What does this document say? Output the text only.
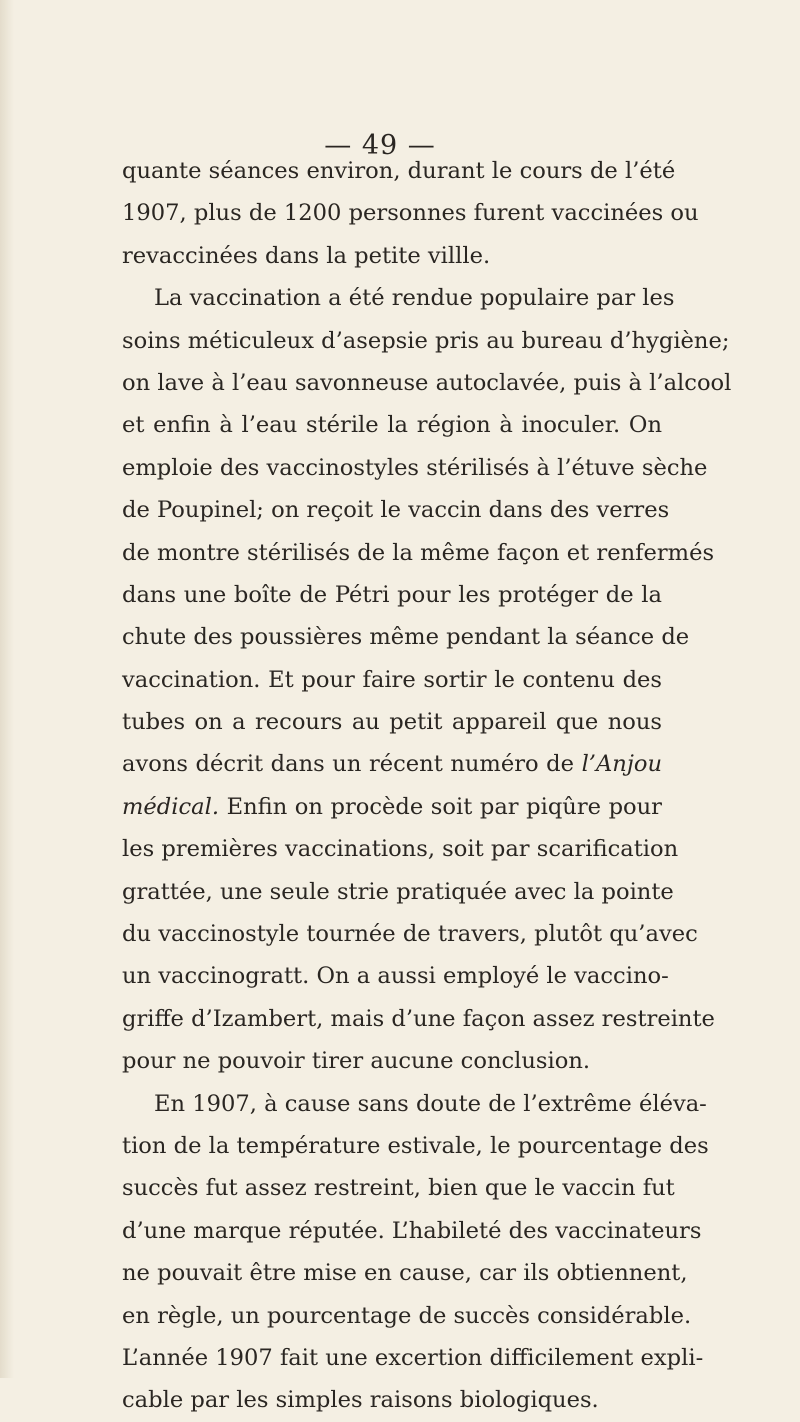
— 49 —
quante séances environ, durant le cours de l’été
1907, plus de 1200 personnes furent vaccinées ou
revaccinées dans la petite villle.
La vaccination a été rendue populaire par les
soins méticuleux d’asepsie pris au bureau d’hygiène;
on lave à l’eau savonneuse autoclavée, puis à l’alcool
et enfin à l’eau stérile la région à inoculer. On
emploie des vaccinostyles stérilisés à l’étuve sèche
de Poupinel; on reçoit le vaccin dans des verres
de montre stérilisés de la même façon et renfermés
dans une boîte de Pétri pour les protéger de la
chute des poussières même pendant la séance de
vaccination. Et pour faire sortir le contenu des
tubes on a recours au petit appareil que nous
avons décrit dans un récent numéro de l’Anjou
médical. Enfin on procède soit par piqûre pour
les premières vaccinations, soit par scarification
grattée, une seule strie pratiquée avec la pointe
du vaccinostyle tournée de travers, plutôt qu’avec
un vaccinogratt. On a aussi employé le vaccino-
griffe d’Izambert, mais d’une façon assez restreinte
pour ne pouvoir tirer aucune conclusion.
En 1907, à cause sans doute de l’extrême éléva-
tion de la température estivale, le pourcentage des
succès fut assez restreint, bien que le vaccin fut
d’une marque réputée. L’habileté des vaccinateurs
ne pouvait être mise en cause, car ils obtiennent,
en règle, un pourcentage de succès considérable.
L’année 1907 fait une excertion difficilement expli-
cable par les simples raisons biologiques.
